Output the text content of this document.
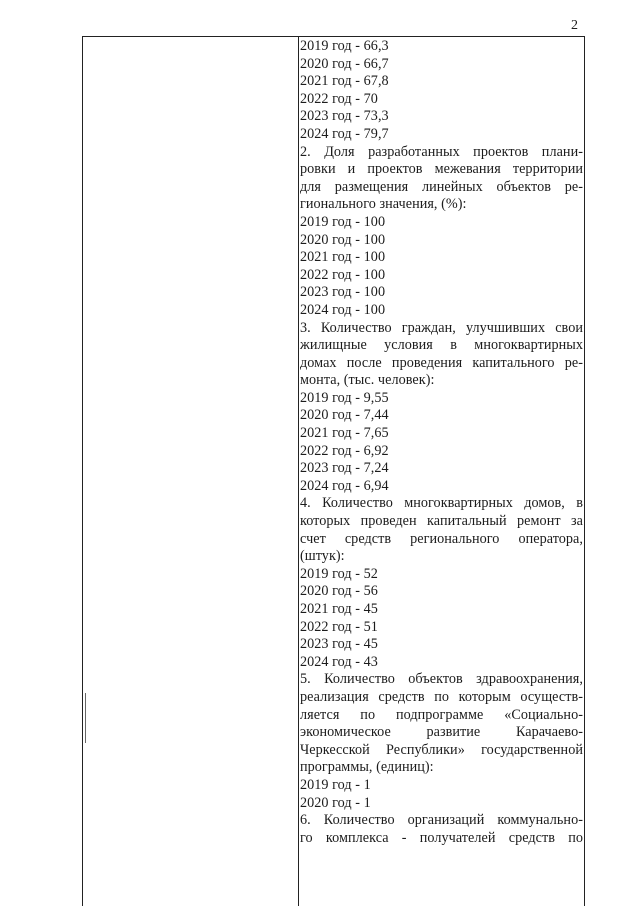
2
2019 год - 66,3
2020 год - 66,7
2021 год - 67,8
2022 год - 70
2023 год - 73,3
2024 год - 79,7
2. Доля разработанных проектов плани-
ровки и проектов межевания территории
для размещения линейных объектов ре-
гионального значения, (%):
2019 год - 100
2020 год - 100
2021 год - 100
2022 год - 100
2023 год - 100
2024 год - 100
3. Количество граждан, улучшивших свои
жилищные условия в многоквартирных
домах после проведения капитального ре-
монта, (тыс. человек):
2019 год - 9,55
2020 год - 7,44
2021 год - 7,65
2022 год - 6,92
2023 год - 7,24
2024 год - 6,94
4. Количество многоквартирных домов, в
которых проведен капитальный ремонт за
счет средств регионального оператора,
(штук):
2019 год - 52
2020 год - 56
2021 год - 45
2022 год - 51
2023 год - 45
2024 год - 43
5. Количество объектов здравоохранения,
реализация средств по которым осуществ-
ляется по подпрограмме «Социально-
экономическое развитие Карачаево-
Черкесской Республики» государственной
программы, (единиц):
2019 год - 1
2020 год - 1
6. Количество организаций коммунально-
го комплекса - получателей средств по
